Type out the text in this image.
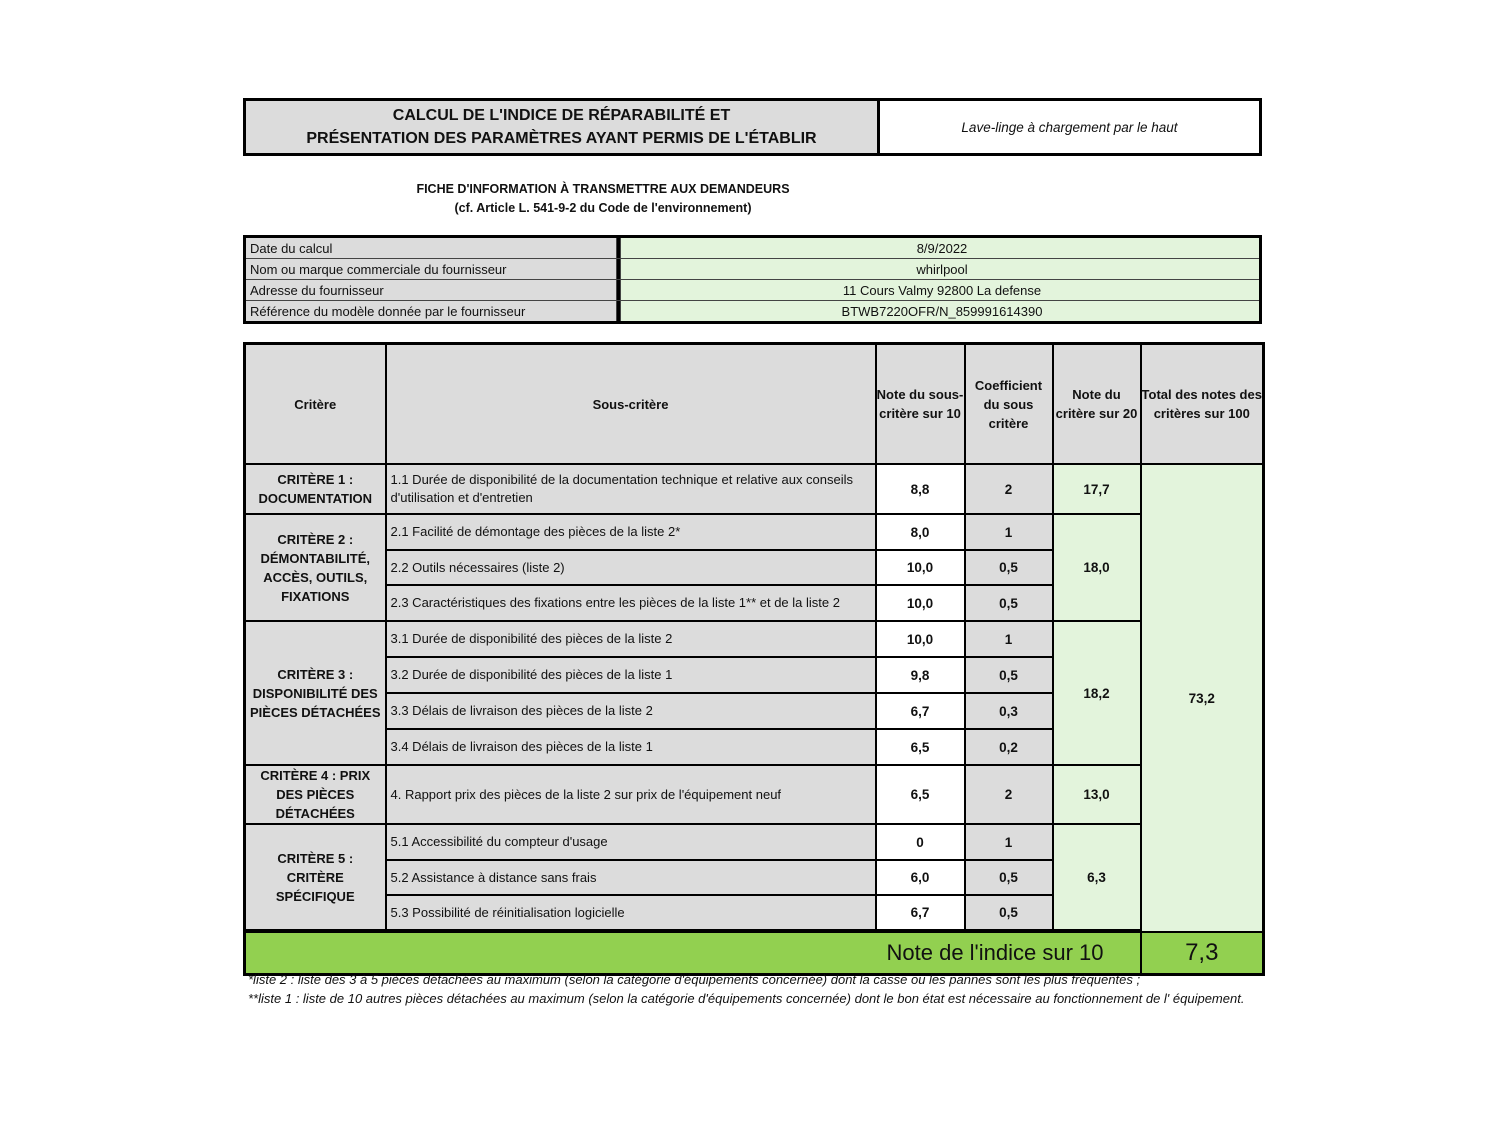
CALCUL DE L'INDICE DE RÉPARABILITÉ ET
PRÉSENTATION DES PARAMÈTRES AYANT PERMIS DE L'ÉTABLIR
Lave-linge à chargement par le haut
FICHE D'INFORMATION À TRANSMETTRE AUX DEMANDEURS
(cf. Article L. 541-9-2 du Code de l'environnement)
Date du calcul		8/9/2022
Nom ou marque commerciale du fournisseur		whirlpool
Adresse du fournisseur		11 Cours Valmy 92800 La defense
Référence du modèle donnée par le fournisseur		BTWB7220OFR/N_859991614390
Critère	Sous-critère	Note du sous-critère sur 10	Coefficient du sous critère	Note du critère sur 20	Total des notes des critères sur 100
CRITÈRE 1 : DOCUMENTATION	1.1 Durée de disponibilité de la documentation technique et relative aux conseils d'utilisation et d'entretien	8,8	2	17,7	73,2
CRITÈRE 2 : DÉMONTABILITÉ, ACCÈS, OUTILS, FIXATIONS	2.1 Facilité de démontage des pièces de la liste 2*	8,0	1	18,0	
	2.2 Outils nécessaires (liste 2)	10,0	0,5		
	2.3 Caractéristiques des fixations entre les pièces de la liste 1** et de la liste 2	10,0	0,5		
CRITÈRE 3 : DISPONIBILITÉ DES PIÈCES DÉTACHÉES	3.1 Durée de disponibilité des pièces de la liste 2	10,0	1	18,2	
	3.2 Durée de disponibilité des pièces de la liste 1	9,8	0,5		
	3.3 Délais de livraison des pièces de la liste 2	6,7	0,3		
	3.4 Délais de livraison des pièces de la liste 1	6,5	0,2		
CRITÈRE 4 : PRIX DES PIÈCES DÉTACHÉES	4. Rapport prix des pièces de la liste 2 sur prix de l'équipement neuf	6,5	2	13,0	
CRITÈRE 5 : CRITÈRE SPÉCIFIQUE	5.1 Accessibilité du compteur d'usage	0	1	6,3	
	5.2 Assistance à distance sans frais	6,0	0,5		
	5.3 Possibilité de réinitialisation logicielle	6,7	0,5		

Note de l'indice sur 10					7,3
*liste 2 : liste des 3 à 5 pièces détachées au maximum (selon la catégorie d'équipements concernée) dont la casse ou les pannes sont les plus fréquentes ;
**liste 1 : liste de 10 autres pièces détachées au maximum (selon la catégorie d'équipements concernée) dont le bon état est nécessaire au fonctionnement de l' équipement.
